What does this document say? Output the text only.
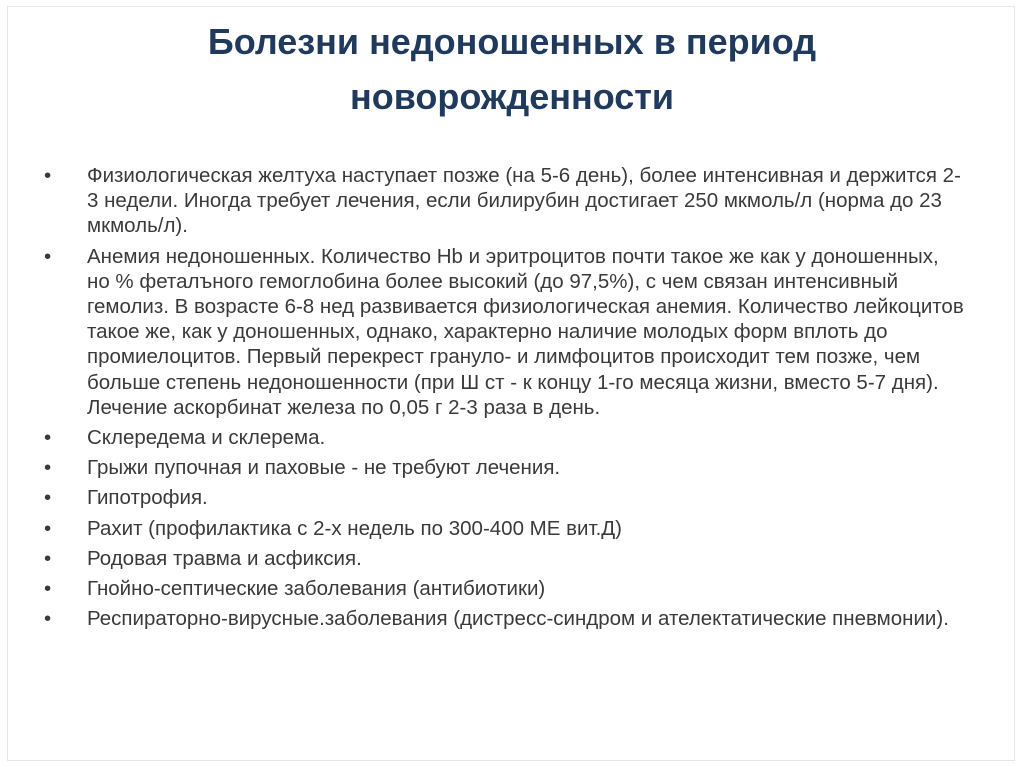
Болезни недоношенных в период
новорожденности
•	Физиологическая желтуха наступает позже (на 5-6 день), более интенсивная и держится 2-3 недели. Иногда требует лечения, если билирубин достигает 250 мкмоль/л (норма до 23 мкмоль/л).
•	Анемия недоношенных. Количество Hb и эритроцитов почти такое же как у доношенных, но % феталъного гемоглобина более высокий (до 97,5%), с чем связан интенсивный гемолиз. В возрасте 6-8 нед развивается физиологическая анемия. Количество лейкоцитов такое же, как у доношенных, однако, характерно наличие молодых форм вплоть до промиелоцитов. Первый перекрест грануло- и лимфоцитов происходит тем позже, чем больше степень недоношенности (при Ш ст - к концу 1-го месяца жизни, вместо 5-7 дня). Лечение аскорбинат железа по 0,05 г 2-3 раза в день.
•	Склередема и склерема.
•	Грыжи пупочная и паховые - не требуют лечения.
•	Гипотрофия.
•	Рахит (профилактика с 2-х недель по 300-400 МЕ вит.Д)
•	Родовая травма и асфиксия.
•	Гнойно-септические заболевания (антибиотики)
•	Респираторно-вирусные.заболевания (дистресс-синдром и ателектатические пневмонии).
